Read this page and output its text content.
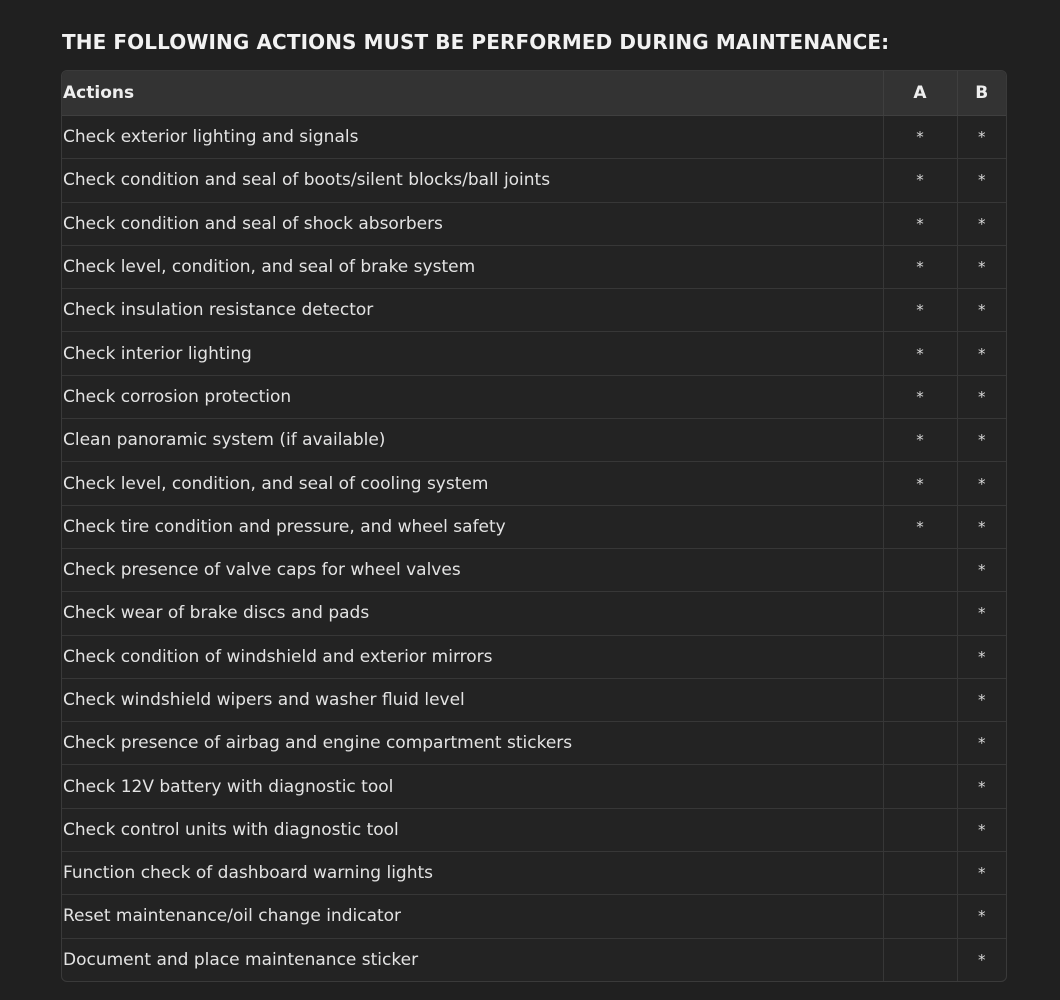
THE FOLLOWING ACTIONS MUST BE PERFORMED DURING MAINTENANCE:
Actions	A	B
Check exterior lighting and signals	*	*
Check condition and seal of boots/silent blocks/ball joints	*	*
Check condition and seal of shock absorbers	*	*
Check level, condition, and seal of brake system	*	*
Check insulation resistance detector	*	*
Check interior lighting	*	*
Check corrosion protection	*	*
Clean panoramic system (if available)	*	*
Check level, condition, and seal of cooling system	*	*
Check tire condition and pressure, and wheel safety	*	*
Check presence of valve caps for wheel valves		*
Check wear of brake discs and pads		*
Check condition of windshield and exterior mirrors		*
Check windshield wipers and washer fluid level		*
Check presence of airbag and engine compartment stickers		*
Check 12V battery with diagnostic tool		*
Check control units with diagnostic tool		*
Function check of dashboard warning lights		*
Reset maintenance/oil change indicator		*
Document and place maintenance sticker		*
